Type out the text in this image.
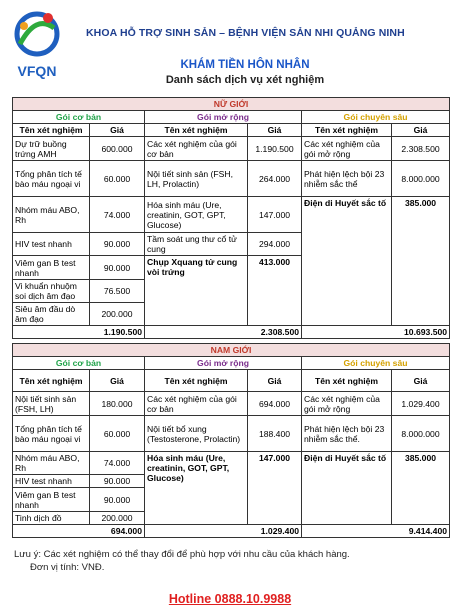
VFQN
KHOA HỖ TRỢ SINH SẢN – BỆNH VIỆN SẢN NHI QUẢNG NINH
KHÁM TIỀN HÔN NHÂN
Danh sách dịch vụ xét nghiệm
NỮ GIỚI					
Gói cơ bản		Gói mở rộng		Gói chuyên sâu	
Tên xét nghiệm	Giá	Tên xét nghiệm	Giá	Tên xét nghiệm	Giá
Dự trữ buồng trứng AMH	600.000	Các xét nghiệm của gói cơ bản	1.190.500	Các xét nghiệm của gói mở rộng	2.308.500
Tổng phân tích tế bào máu ngoại vi	60.000	Nội tiết sinh sản (FSH, LH, Prolactin)	264.000	Phát hiện lệch bội 23 nhiễm sắc thể	8.000.000
Nhóm máu ABO, Rh	74.000	Hóa sinh máu (Ure, creatinin, GOT, GPT, Glucose)	147.000	Điện di Huyết sắc tố	385.000
HIV test nhanh	90.000	Tầm soát ung thư cổ tử cung	294.000		
Viêm gan B test nhanh	90.000	Chụp Xquang tử cung vòi trứng	413.000		
Vi khuẩn nhuộm soi dịch âm đạo	76.500				
Siêu âm đầu dò âm đạo	200.000				
1.190.500		2.308.500		10.693.500	
NAM GIỚI					
Gói cơ bản		Gói mở rộng		Gói chuyên sâu	
Tên xét nghiệm	Giá	Tên xét nghiệm	Giá	Tên xét nghiệm	Giá
Nội tiết sinh sản (FSH, LH)	180.000	Các xét nghiệm của gói cơ bản	694.000	Các xét nghiệm của gói mở rộng	1.029.400
Tổng phân tích tế bào máu ngoại vi	60.000	Nội tiết bổ xung (Testosterone, Prolactin)	188.400	Phát hiện lệch bội 23 nhiễm sắc thể.	8.000.000
Nhóm máu ABO, Rh	74.000	Hóa sinh máu (Ure, creatinin, GOT, GPT, Glucose)	147.000	Điện di Huyết sắc tố	385.000
HIV test nhanh	90.000				
Viêm gan B test nhanh	90.000				
Tinh dịch đồ	200.000				
694.000		1.029.400		9.414.400	
Lưu ý: Các xét nghiệm có thể thay đổi để phù hợp với nhu cầu của khách hàng.
Đơn vị tính: VNĐ.
Hotline 0888.10.9988
